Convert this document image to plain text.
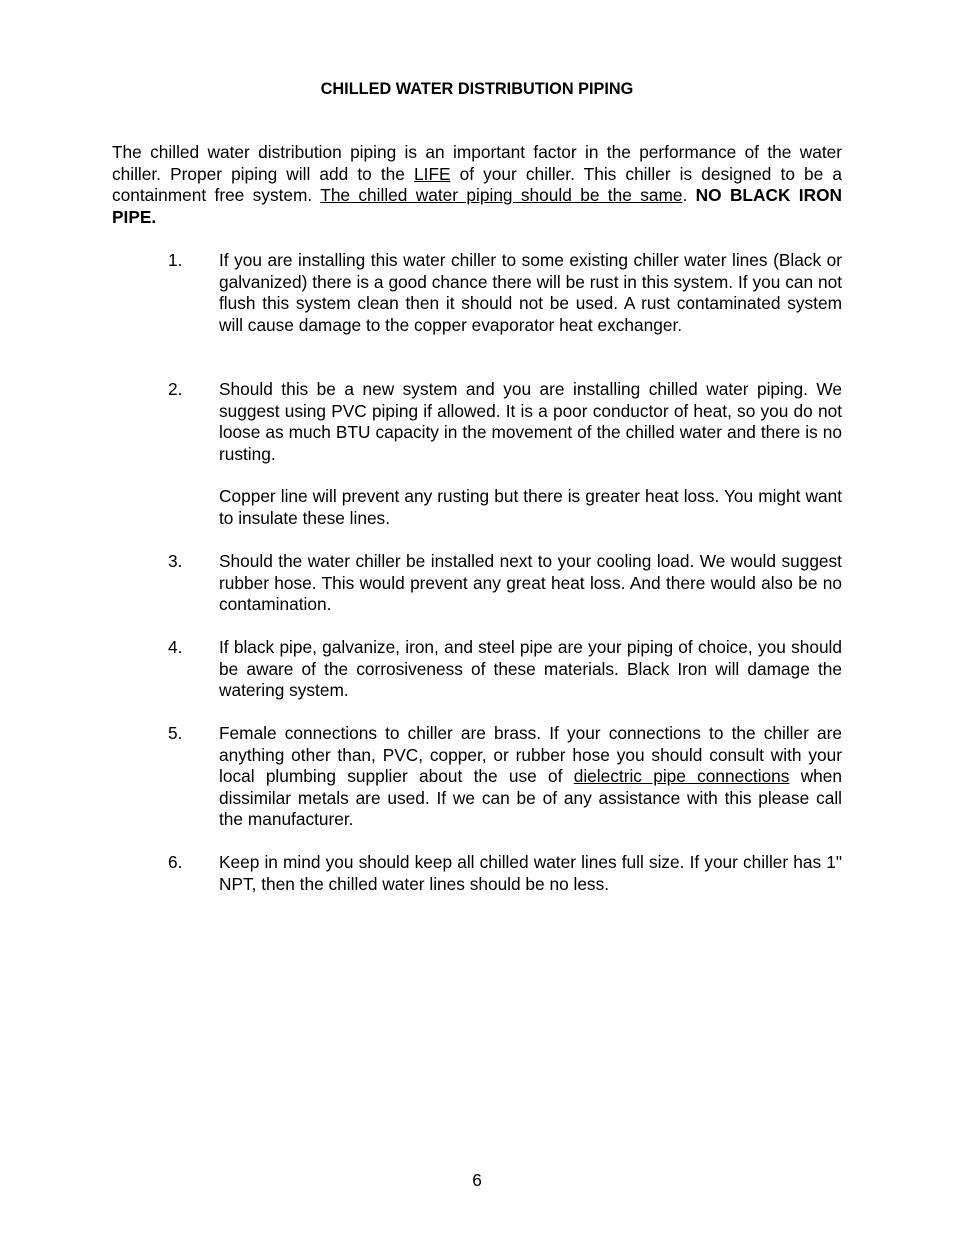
CHILLED WATER DISTRIBUTION PIPING

The chilled water distribution piping is an important factor in the performance of the water chiller. Proper piping will add to the LIFE of your chiller. This chiller is designed to be a containment free system. The chilled water piping should be the same. NO BLACK IRON PIPE.

1. If you are installing this water chiller to some existing chiller water lines (Black or galvanized) there is a good chance there will be rust in this system. If you can not flush this system clean then it should not be used. A rust contaminated system will cause damage to the copper evaporator heat exchanger.

2. Should this be a new system and you are installing chilled water piping. We suggest using PVC piping if allowed. It is a poor conductor of heat, so you do not loose as much BTU capacity in the movement of the chilled water and there is no rusting.

Copper line will prevent any rusting but there is greater heat loss. You might want to insulate these lines.

3. Should the water chiller be installed next to your cooling load. We would suggest rubber hose. This would prevent any great heat loss. And there would also be no contamination.

4. If black pipe, galvanize, iron, and steel pipe are your piping of choice, you should be aware of the corrosiveness of these materials. Black Iron will damage the watering system.

5. Female connections to chiller are brass. If your connections to the chiller are anything other than, PVC, copper, or rubber hose you should consult with your local plumbing supplier about the use of dielectric pipe connections when dissimilar metals are used. If we can be of any assistance with this please call the manufacturer.

6. Keep in mind you should keep all chilled water lines full size. If your chiller has 1" NPT, then the chilled water lines should be no less.

6
